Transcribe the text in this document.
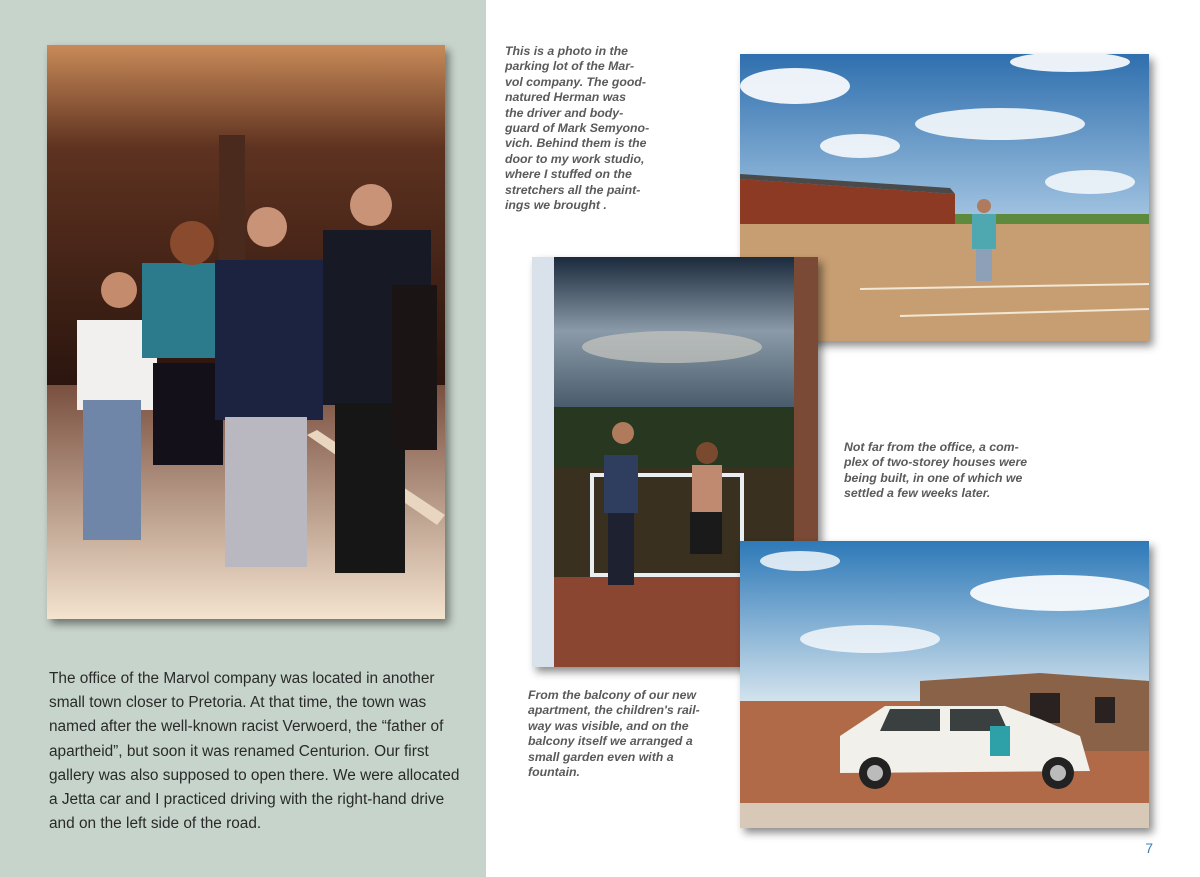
The office of the Marvol company was located in another small town closer to Pretoria. At that time, the town was named after the well-known racist Verwoerd, the “father of apartheid”, but soon it was renamed Centurion. Our first gallery was also supposed to open there. We were allocated a Jetta car and I practiced driving with the right-hand drive and on the left side of the road.

This is a photo in the
parking lot of the Mar-
vol company. The good-
natured Herman was
the driver and body-
guard of Mark Semyono-
vich. Behind them is the
door to my work studio,
where I stuffed on the
stretchers all the paint-
ings we brought .

Not far from the office, a com-
plex of two-storey houses were
being built, in one of which we
settled a few weeks later.

From the balcony of our new
apartment, the children's rail-
way was visible, and on the
balcony itself we arranged a
small garden even with a
fountain.

7
